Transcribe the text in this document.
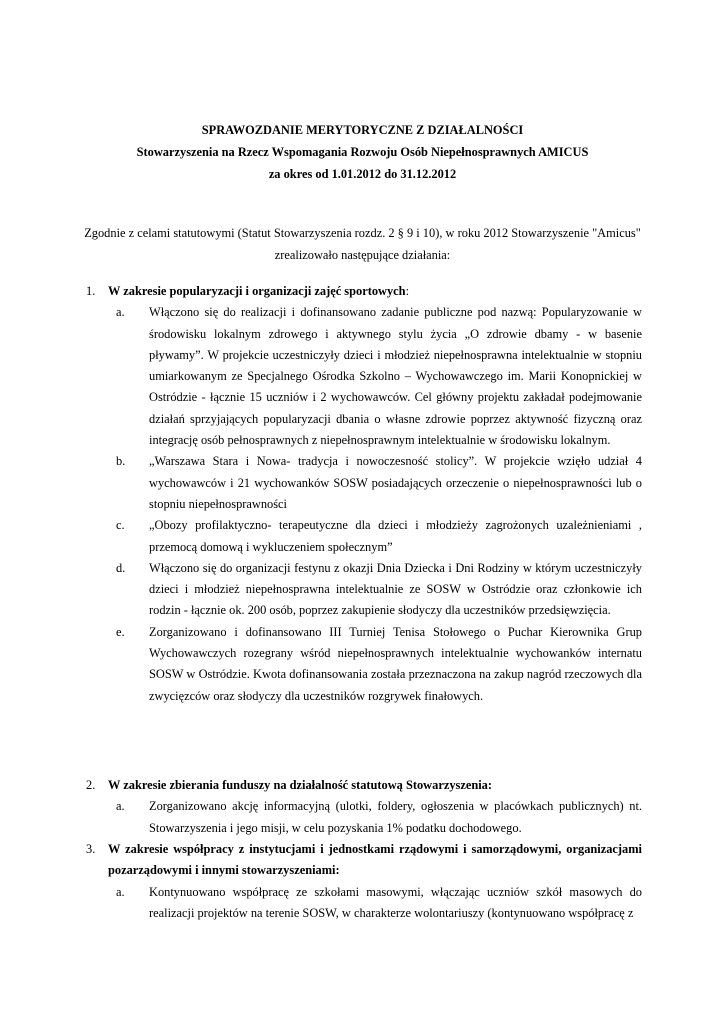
SPRAWOZDANIE MERYTORYCZNE Z DZIAŁALNOŚCI
Stowarzyszenia na Rzecz Wspomagania Rozwoju Osób Niepełnosprawnych AMICUS
za okres od 1.01.2012 do 31.12.2012
Zgodnie z celami statutowymi (Statut Stowarzyszenia rozdz. 2 § 9 i 10), w roku 2012 Stowarzyszenie "Amicus"
zrealizowało następujące działania:
1. W zakresie popularyzacji i organizacji zajęć sportowych:
a. Włączono się do realizacji i dofinansowano zadanie publiczne pod nazwą: Popularyzowanie w środowisku lokalnym zdrowego i aktywnego stylu życia „O zdrowie dbamy - w basenie pływamy”. W projekcie uczestniczyły dzieci i młodzież niepełnosprawna intelektualnie w stopniu umiarkowanym ze Specjalnego Ośrodka Szkolno – Wychowawczego im. Marii Konopnickiej w Ostródzie - łącznie 15 uczniów i 2 wychowawców. Cel główny projektu zakładał podejmowanie działań sprzyjających popularyzacji dbania o własne zdrowie poprzez aktywność fizyczną oraz integrację osób pełnosprawnych z niepełnosprawnym intelektualnie w środowisku lokalnym.
b. „Warszawa Stara i Nowa- tradycja i nowoczesność stolicy”. W projekcie wzięło udział 4 wychowawców i 21 wychowanków SOSW posiadających orzeczenie o niepełnosprawności lub o stopniu niepełnosprawności
c. „Obozy profilaktyczno- terapeutyczne dla dzieci i młodzieży zagrożonych uzależnieniami , przemocą domową i wykluczeniem społecznym”
d. Włączono się do organizacji festynu z okazji Dnia Dziecka i Dni Rodziny w którym uczestniczyły dzieci i młodzież niepełnosprawna intelektualnie ze SOSW w Ostródzie oraz członkowie ich rodzin - łącznie ok. 200 osób, poprzez zakupienie słodyczy dla uczestników przedsięwzięcia.
e. Zorganizowano i dofinansowano III Turniej Tenisa Stołowego o Puchar Kierownika Grup Wychowawczych rozegrany wśród niepełnosprawnych intelektualnie wychowanków internatu SOSW w Ostródzie. Kwota dofinansowania została przeznaczona na zakup nagród rzeczowych dla zwycięzców oraz słodyczy dla uczestników rozgrywek finałowych.
2. W zakresie zbierania funduszy na działalność statutową Stowarzyszenia:
a. Zorganizowano akcję informacyjną (ulotki, foldery, ogłoszenia w placówkach publicznych) nt. Stowarzyszenia i jego misji, w celu pozyskania 1% podatku dochodowego.
3. W zakresie współpracy z instytucjami i jednostkami rządowymi i samorządowymi, organizacjami pozarządowymi i innymi stowarzyszeniami:
a. Kontynuowano współpracę ze szkołami masowymi, włączając uczniów szkół masowych do realizacji projektów na terenie SOSW, w charakterze wolontariuszy (kontynuowano współpracę z
